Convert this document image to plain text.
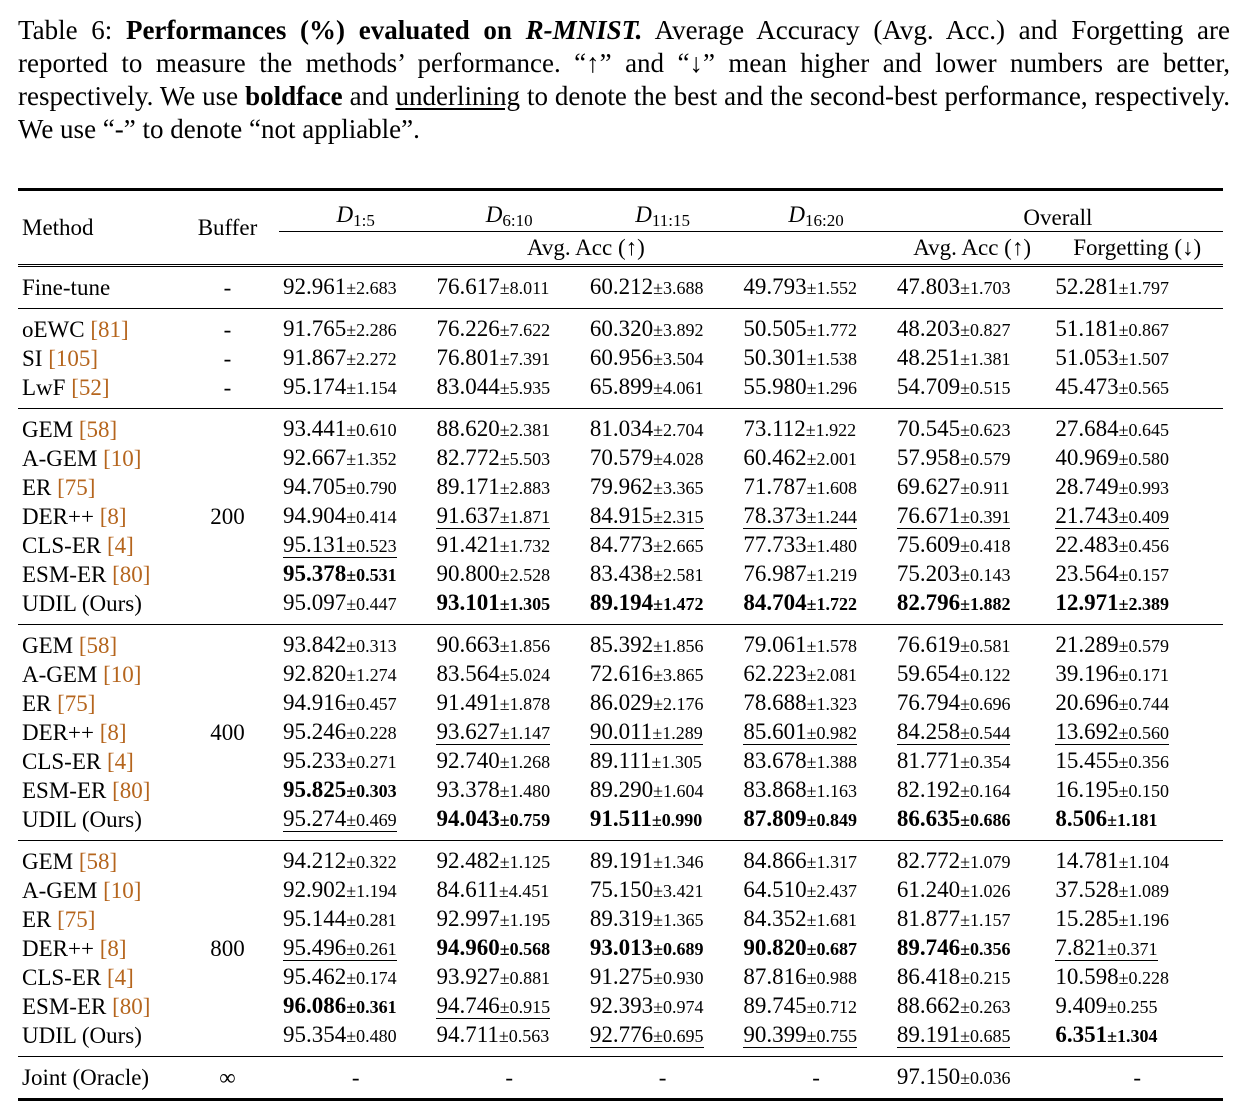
Table 6: Performances (%) evaluated on R-MNIST. Average Accuracy (Avg. Acc.) and Forgetting are reported to measure the methods’ performance. “↑” and “↓” mean higher and lower numbers are better, respectively. We use boldface and underlining to denote the best and the second-best performance, respectively. We use “-” to denote “not appliable”.
Method	Buffer	$D_{1:5}$	$D_{6:10}$	$D_{11:15}$	$D_{16:20}$	Overall	
		Avg. Acc (↑)				Avg. Acc (↑)	Forgetting (↓)
Fine-tune	-	92.961±2.683	76.617±8.011	60.212±3.688	49.793±1.552	47.803±1.703	52.281±1.797
oEWC [81]	-	91.765±2.286	76.226±7.622	60.320±3.892	50.505±1.772	48.203±0.827	51.181±0.867
SI [105]	-	91.867±2.272	76.801±7.391	60.956±3.504	50.301±1.538	48.251±1.381	51.053±1.507
LwF [52]	-	95.174±1.154	83.044±5.935	65.899±4.061	55.980±1.296	54.709±0.515	45.473±0.565
GEM [58]		93.441±0.610	88.620±2.381	81.034±2.704	73.112±1.922	70.545±0.623	27.684±0.645
A-GEM [10]		92.667±1.352	82.772±5.503	70.579±4.028	60.462±2.001	57.958±0.579	40.969±0.580
ER [75]		94.705±0.790	89.171±2.883	79.962±3.365	71.787±1.608	69.627±0.911	28.749±0.993
DER++ [8]	200	94.904±0.414	91.637±1.871	84.915±2.315	78.373±1.244	76.671±0.391	21.743±0.409
CLS-ER [4]		95.131±0.523	91.421±1.732	84.773±2.665	77.733±1.480	75.609±0.418	22.483±0.456
ESM-ER [80]		95.378±0.531	90.800±2.528	83.438±2.581	76.987±1.219	75.203±0.143	23.564±0.157
UDIL (Ours)		95.097±0.447	93.101±1.305	89.194±1.472	84.704±1.722	82.796±1.882	12.971±2.389
GEM [58]		93.842±0.313	90.663±1.856	85.392±1.856	79.061±1.578	76.619±0.581	21.289±0.579
A-GEM [10]		92.820±1.274	83.564±5.024	72.616±3.865	62.223±2.081	59.654±0.122	39.196±0.171
ER [75]		94.916±0.457	91.491±1.878	86.029±2.176	78.688±1.323	76.794±0.696	20.696±0.744
DER++ [8]	400	95.246±0.228	93.627±1.147	90.011±1.289	85.601±0.982	84.258±0.544	13.692±0.560
CLS-ER [4]		95.233±0.271	92.740±1.268	89.111±1.305	83.678±1.388	81.771±0.354	15.455±0.356
ESM-ER [80]		95.825±0.303	93.378±1.480	89.290±1.604	83.868±1.163	82.192±0.164	16.195±0.150
UDIL (Ours)		95.274±0.469	94.043±0.759	91.511±0.990	87.809±0.849	86.635±0.686	8.506±1.181
GEM [58]		94.212±0.322	92.482±1.125	89.191±1.346	84.866±1.317	82.772±1.079	14.781±1.104
A-GEM [10]		92.902±1.194	84.611±4.451	75.150±3.421	64.510±2.437	61.240±1.026	37.528±1.089
ER [75]		95.144±0.281	92.997±1.195	89.319±1.365	84.352±1.681	81.877±1.157	15.285±1.196
DER++ [8]	800	95.496±0.261	94.960±0.568	93.013±0.689	90.820±0.687	89.746±0.356	7.821±0.371
CLS-ER [4]		95.462±0.174	93.927±0.881	91.275±0.930	87.816±0.988	86.418±0.215	10.598±0.228
ESM-ER [80]		96.086±0.361	94.746±0.915	92.393±0.974	89.745±0.712	88.662±0.263	9.409±0.255
UDIL (Ours)		95.354±0.480	94.711±0.563	92.776±0.695	90.399±0.755	89.191±0.685	6.351±1.304
Joint (Oracle)	∞	-	-	-	-	97.150±0.036	-
